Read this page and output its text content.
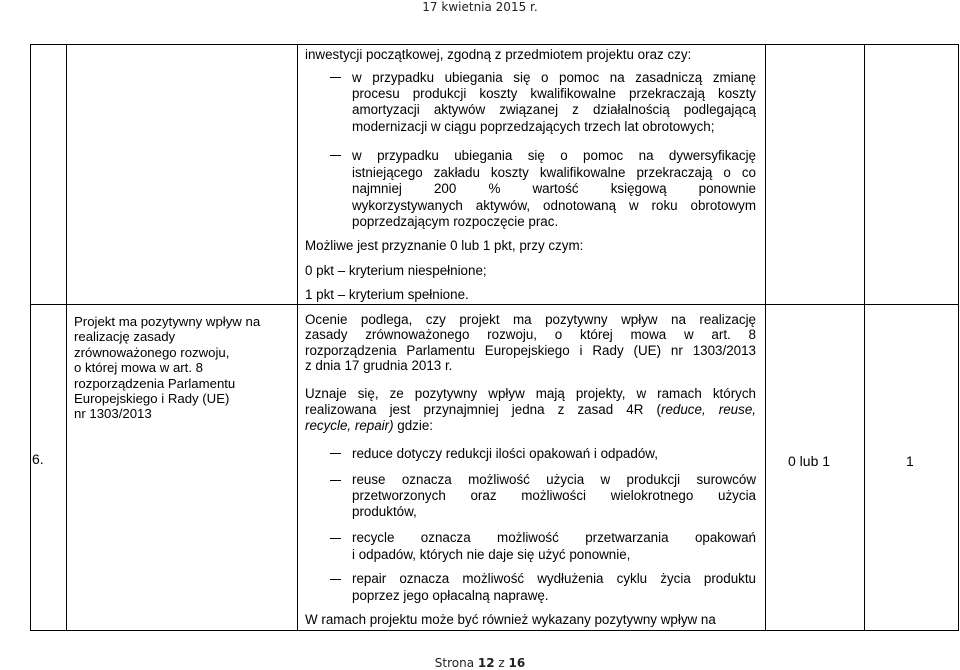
17 kwietnia 2015 r.
6.
Projekt ma pozytywny wpływ na
realizację zasady
zrównoważonego rozwoju,
o której mowa w art. 8
rozporządzenia Parlamentu
Europejskiego i Rady (UE)
nr 1303/2013
inwestycji początkowej, zgodną z przedmiotem projektu oraz czy:
w przypadku ubiegania się o pomoc na zasadniczą zmianę
procesu produkcji koszty kwalifikowalne przekraczają koszty
amortyzacji aktywów związanej z działalnością podlegającą
modernizacji w ciągu poprzedzających trzech lat obrotowych;
w przypadku ubiegania się o pomoc na dywersyfikację
istniejącego zakładu koszty kwalifikowalne przekraczają o co
najmniej 200 % wartość księgową ponownie
wykorzystywanych aktywów, odnotowaną w roku obrotowym
poprzedzającym rozpoczęcie prac.
Możliwe jest przyznanie 0 lub 1 pkt, przy czym:
0 pkt – kryterium niespełnione;
1 pkt – kryterium spełnione.
Ocenie podlega, czy projekt ma pozytywny wpływ na realizację
zasady zrównoważonego rozwoju, o której mowa w art. 8
rozporządzenia Parlamentu Europejskiego i Rady (UE) nr 1303/2013
z dnia 17 grudnia 2013 r.
Uznaje się, ze pozytywny wpływ mają projekty, w ramach których
realizowana jest przynajmniej jedna z zasad 4R (reduce, reuse,
recycle, repair) gdzie:
reduce dotyczy redukcji ilości opakowań i odpadów,
reuse oznacza możliwość użycia w produkcji surowców
przetworzonych oraz możliwości wielokrotnego użycia
produktów,
recycle oznacza możliwość przetwarzania opakowań
i odpadów, których nie daje się użyć ponownie,
repair oznacza możliwość wydłużenia cyklu życia produktu
poprzez jego opłacalną naprawę.
W ramach projektu może być również wykazany pozytywny wpływ na
0 lub 1	1
Strona 12 z 16
